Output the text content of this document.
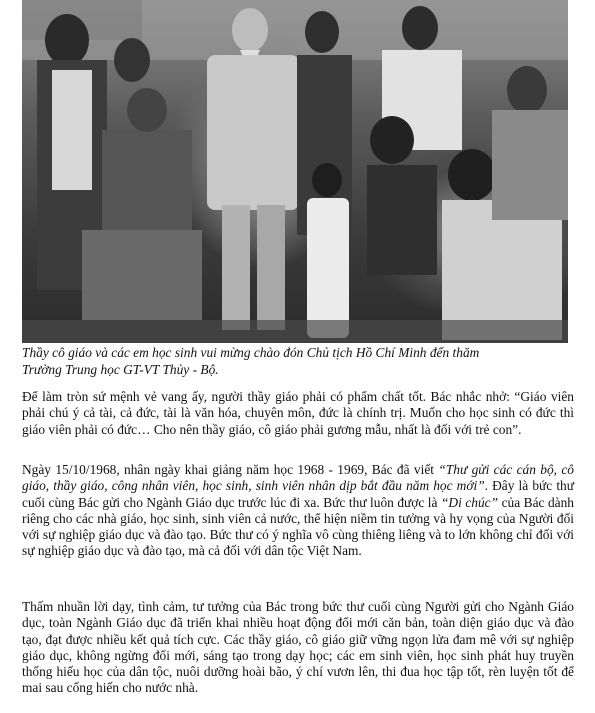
Thầy cô giáo và các em học sinh vui mừng chào đón Chủ tịch Hồ Chí Minh đến thăm
Trường Trung học GT-VT Thủy - Bộ.

Để làm tròn sứ mệnh vẻ vang ấy, người thầy giáo phải có phẩm chất tốt. Bác nhắc nhở: “Giáo viên phải chú ý cả tài, cả đức, tài là văn hóa, chuyên môn, đức là chính trị. Muốn cho học sinh có đức thì giáo viên phải có đức… Cho nên thầy giáo, cô giáo phải gương mẫu, nhất là đối với trẻ con”.

Ngày 15/10/1968, nhân ngày khai giảng năm học 1968 - 1969, Bác đã viết “Thư gửi các cán bộ, cô giáo, thầy giáo, công nhân viên, học sinh, sinh viên nhân dịp bắt đầu năm học mới”. Đây là bức thư cuối cùng Bác gửi cho Ngành Giáo dục trước lúc đi xa. Bức thư luôn được là “Di chúc” của Bác dành riêng cho các nhà giáo, học sinh, sinh viên cả nước, thể hiện niềm tin tưởng và hy vọng của Người đối với sự nghiệp giáo dục và đào tạo. Bức thư có ý nghĩa vô cùng thiêng liêng và to lớn không chỉ đối với sự nghiệp giáo dục và đào tạo, mà cả đối với dân tộc Việt Nam.

Thấm nhuần lời dạy, tình cảm, tư tưởng của Bác trong bức thư cuối cùng Người gửi cho Ngành Giáo dục, toàn Ngành Giáo dục đã triển khai nhiều hoạt động đổi mới căn bản, toàn diện giáo dục và đào tạo, đạt được nhiều kết quả tích cực. Các thầy giáo, cô giáo giữ vững ngọn lửa đam mê với sự nghiệp giáo dục, không ngừng đổi mới, sáng tạo trong dạy học; các em sinh viên, học sinh phát huy truyền thống hiếu học của dân tộc, nuôi dưỡng hoài bão, ý chí vươn lên, thi đua học tập tốt, rèn luyện tốt để mai sau cống hiến cho nước nhà.
